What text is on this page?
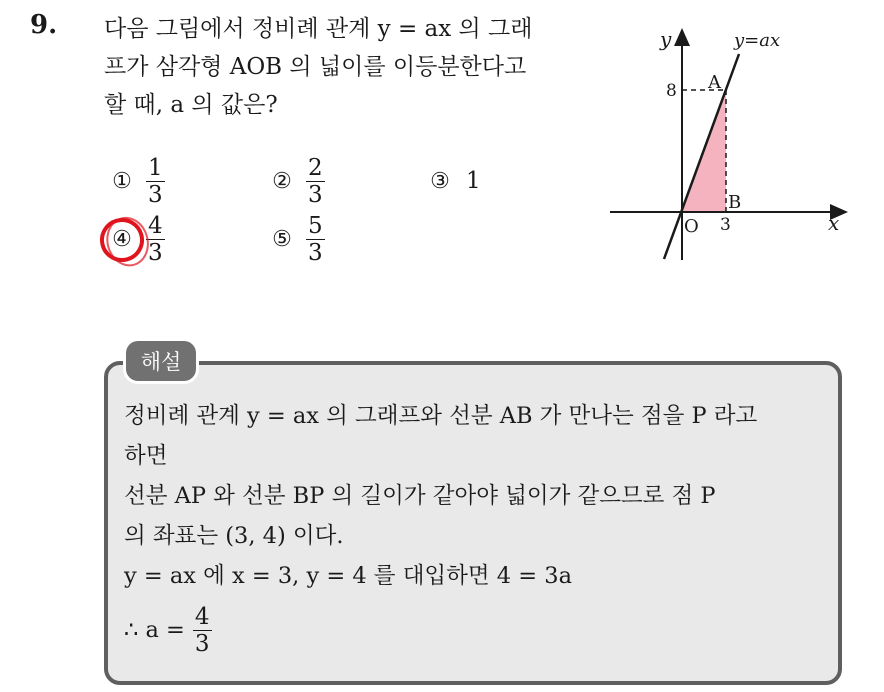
9. 다음 그림에서 정비례 관계 y = ax 의 그래
프가 삼각형 AOB 의 넓이를 이등분한다고
할 때, a 의 값은?
① $\frac{1}{3}$	② $\frac{2}{3}$	③ 1
④ $\frac{4}{3}$	⑤ $\frac{5}{3}$
y
x
y=ax
A
B
O
8
3
해설
정비례 관계 y = ax 의 그래프와 선분 AB 가 만나는 점을 P 라고
하면
선분 AP 와 선분 BP 의 길이가 같아야 넓이가 같으므로 점 P
의 좌표는 (3, 4) 이다.
y = ax 에 x = 3, y = 4 를 대입하면 4 = 3a
∴ $a = \frac{4}{3}$
